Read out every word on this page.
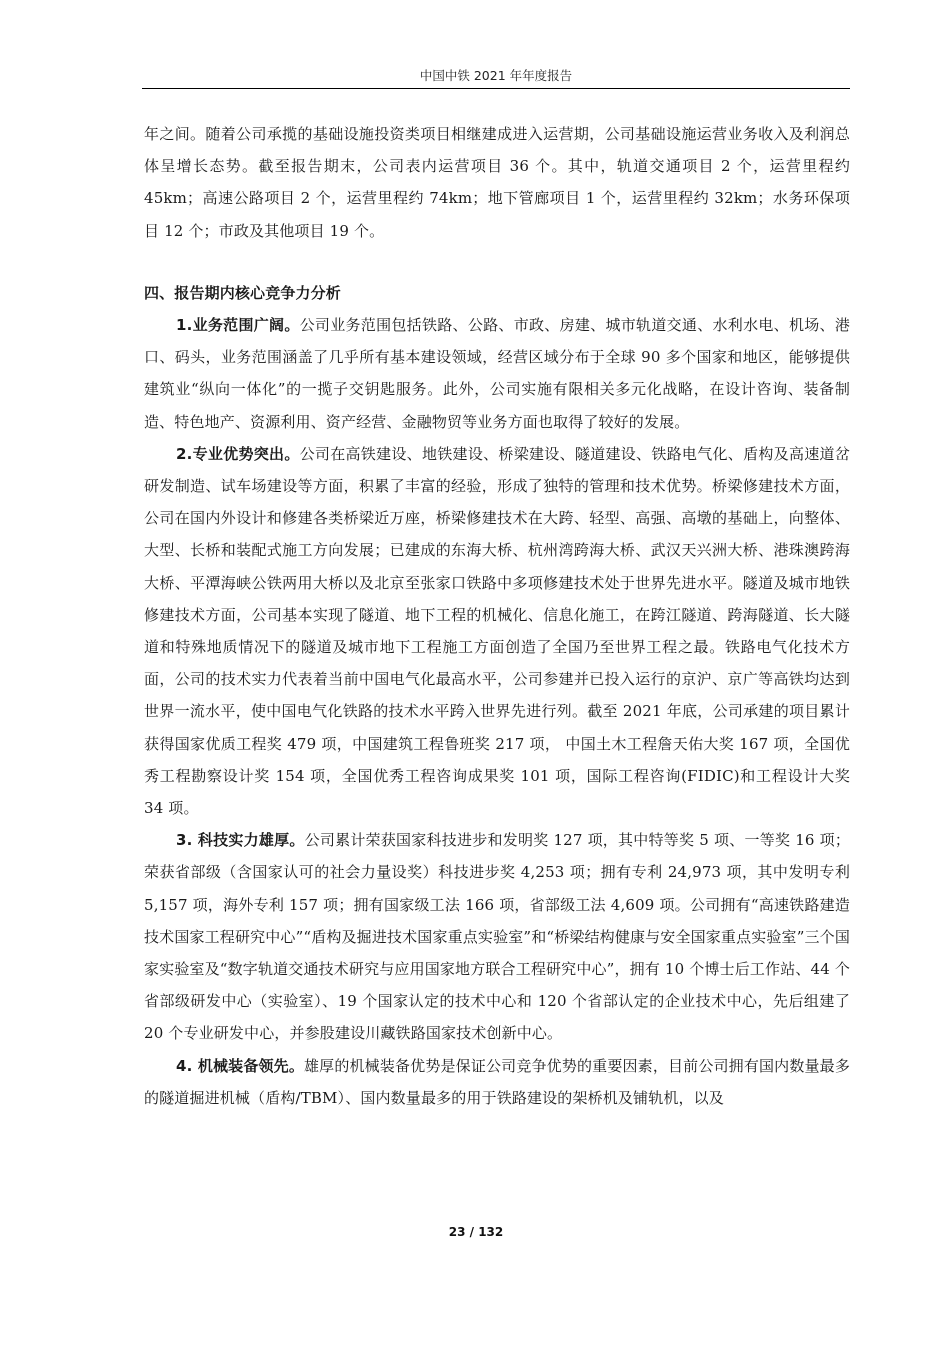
中国中铁 2021 年年度报告

年之间。随着公司承揽的基础设施投资类项目相继建成进入运营期，公司基础设施运营业务收入及利润总体呈增长态势。截至报告期末，公司表内运营项目 36 个。其中，轨道交通项目 2 个，运营里程约 45km；高速公路项目 2 个，运营里程约 74km；地下管廊项目 1 个，运营里程约 32km；水务环保项目 12 个；市政及其他项目 19 个。

四、报告期内核心竞争力分析

1.业务范围广阔。公司业务范围包括铁路、公路、市政、房建、城市轨道交通、水利水电、机场、港口、码头，业务范围涵盖了几乎所有基本建设领域，经营区域分布于全球 90 多个国家和地区，能够提供建筑业“纵向一体化”的一揽子交钥匙服务。此外，公司实施有限相关多元化战略，在设计咨询、装备制造、特色地产、资源利用、资产经营、金融物贸等业务方面也取得了较好的发展。

2.专业优势突出。公司在高铁建设、地铁建设、桥梁建设、隧道建设、铁路电气化、盾构及高速道岔研发制造、试车场建设等方面，积累了丰富的经验，形成了独特的管理和技术优势。桥梁修建技术方面，公司在国内外设计和修建各类桥梁近万座，桥梁修建技术在大跨、轻型、高强、高墩的基础上，向整体、大型、长桥和装配式施工方向发展；已建成的东海大桥、杭州湾跨海大桥、武汉天兴洲大桥、港珠澳跨海大桥、平潭海峡公铁两用大桥以及北京至张家口铁路中多项修建技术处于世界先进水平。隧道及城市地铁修建技术方面，公司基本实现了隧道、地下工程的机械化、信息化施工，在跨江隧道、跨海隧道、长大隧道和特殊地质情况下的隧道及城市地下工程施工方面创造了全国乃至世界工程之最。铁路电气化技术方面，公司的技术实力代表着当前中国电气化最高水平，公司参建并已投入运行的京沪、京广等高铁均达到世界一流水平，使中国电气化铁路的技术水平跨入世界先进行列。截至 2021 年底，公司承建的项目累计获得国家优质工程奖 479 项，中国建筑工程鲁班奖 217 项， 中国土木工程詹天佑大奖 167 项，全国优秀工程勘察设计奖 154 项，全国优秀工程咨询成果奖 101 项，国际工程咨询(FIDIC)和工程设计大奖 34 项。

3. 科技实力雄厚。公司累计荣获国家科技进步和发明奖 127 项，其中特等奖 5 项、一等奖 16 项；荣获省部级（含国家认可的社会力量设奖）科技进步奖 4,253 项；拥有专利 24,973 项，其中发明专利 5,157 项，海外专利 157 项；拥有国家级工法 166 项，省部级工法 4,609 项。公司拥有“高速铁路建造技术国家工程研究中心”“盾构及掘进技术国家重点实验室”和“桥梁结构健康与安全国家重点实验室”三个国家实验室及“数字轨道交通技术研究与应用国家地方联合工程研究中心”，拥有 10 个博士后工作站、44 个省部级研发中心（实验室）、19 个国家认定的技术中心和 120 个省部认定的企业技术中心，先后组建了 20 个专业研发中心，并参股建设川藏铁路国家技术创新中心。

4. 机械装备领先。雄厚的机械装备优势是保证公司竞争优势的重要因素，目前公司拥有国内数量最多的隧道掘进机械（盾构/TBM）、国内数量最多的用于铁路建设的架桥机及铺轨机，以及

23 / 132
